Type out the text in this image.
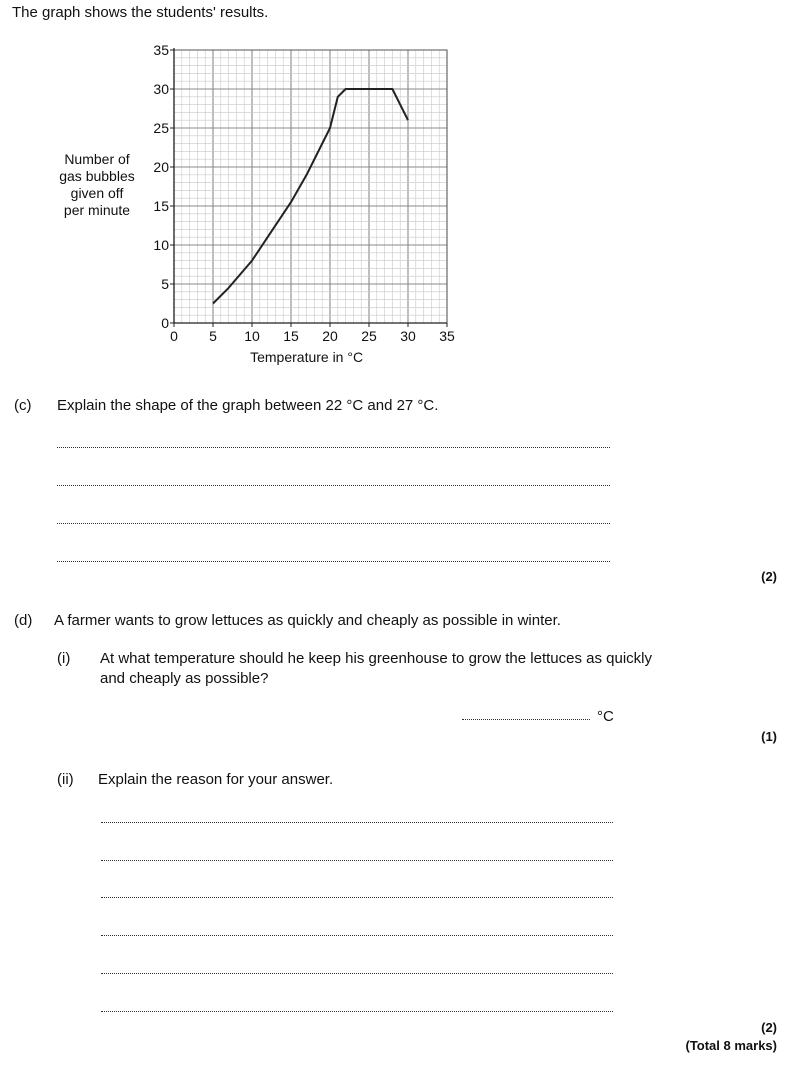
The graph shows the students' results.
0 5 10 15 20 25 30 35
0
5
10
15
20
25
30
35
Temperature in °C
Number of
gas bubbles
given off
per minute
(c) Explain the shape of the graph between 22 °C and 27 °C.
(2)
(d) A farmer wants to grow lettuces as quickly and cheaply as possible in winter.
(i) At what temperature should he keep his greenhouse to grow the lettuces as quickly
and cheaply as possible?
°C
(1)
(ii) Explain the reason for your answer.
(2)
(Total 8 marks)
